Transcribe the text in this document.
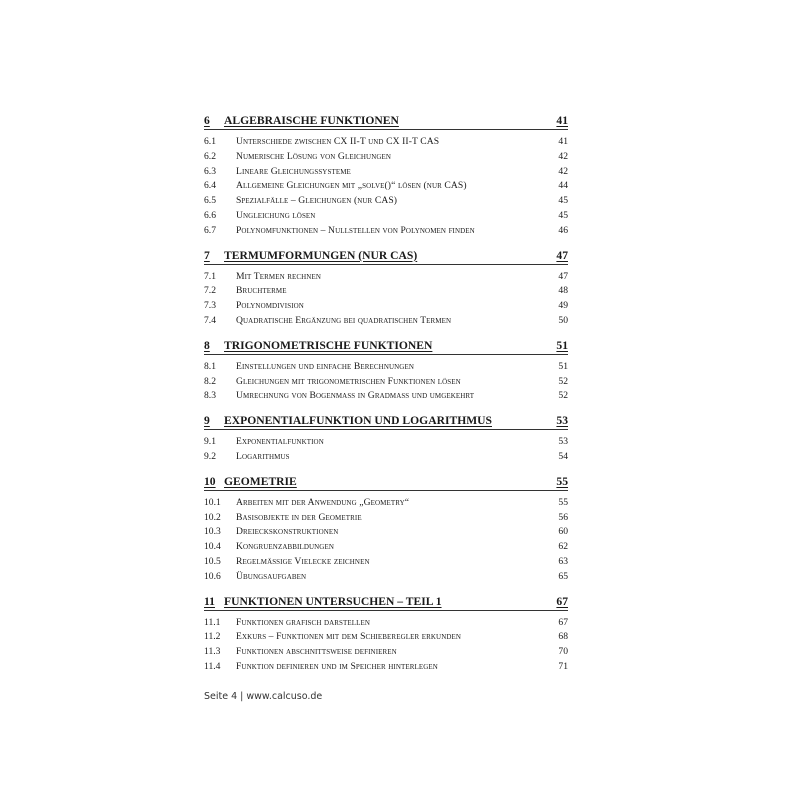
6	ALGEBRAISCHE FUNKTIONEN	41
6.1	Unterschiede zwischen CX II-T und CX II-T CAS	41
6.2	Numerische Lösung von Gleichungen	42
6.3	Lineare Gleichungssysteme	42
6.4	Allgemeine Gleichungen mit „solve()“ lösen (nur CAS)	44
6.5	Spezialfälle – Gleichungen (nur CAS)	45
6.6	Ungleichung lösen	45
6.7	Polynomfunktionen – Nullstellen von Polynomen finden	46
7	TERMUMFORMUNGEN (NUR CAS)	47
7.1	Mit Termen rechnen	47
7.2	Bruchterme	48
7.3	Polynomdivision	49
7.4	Quadratische Ergänzung bei quadratischen Termen	50
8	TRIGONOMETRISCHE FUNKTIONEN	51
8.1	Einstellungen und einfache Berechnungen	51
8.2	Gleichungen mit trigonometrischen Funktionen lösen	52
8.3	Umrechnung von Bogenmaß in Gradmaß und umgekehrt	52
9	EXPONENTIALFUNKTION UND LOGARITHMUS	53
9.1	Exponentialfunktion	53
9.2	Logarithmus	54
10 GEOMETRIE	55
10.1	Arbeiten mit der Anwendung „Geometry“	55
10.2	Basisobjekte in der Geometrie	56
10.3	Dreieckskonstruktionen	60
10.4	Kongruenzabbildungen	62
10.5	Regelmäßige Vielecke zeichnen	63
10.6	Übungsaufgaben	65
11 FUNKTIONEN UNTERSUCHEN – TEIL 1	67
11.1	Funktionen grafisch darstellen	67
11.2	Exkurs – Funktionen mit dem Schieberegler erkunden	68
11.3	Funktionen abschnittsweise definieren	70
11.4	Funktion definieren und im Speicher hinterlegen	71
Seite 4 | www.calcuso.de
